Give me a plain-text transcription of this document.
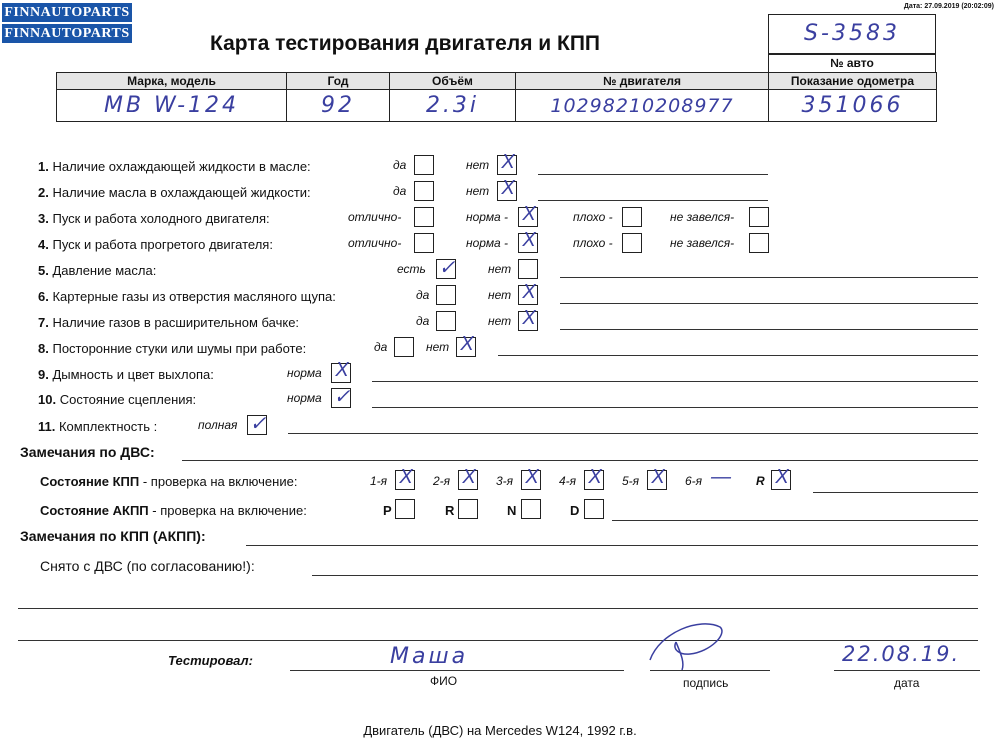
FINNAUTOPARTS
FINNAUTOPARTS
Дата: 27.09.2019 (20:02:09)
Карта тестирования двигателя и КПП	S-3583
№ авто
Марка, модель	Год	Объём	№ двигателя	Показание одометра
МВ W-124	92	2.3i	10298210208977	351066
1. Наличие охлаждающей жидкости в масле:	да	нет X
2. Наличие масла в охлаждающей жидкости:	да	нет X
3. Пуск и работа холодного двигателя:	отлично-	норма - X	плохо -	не завелся-
4. Пуск и работа прогретого двигателя:	отлично-	норма - X	плохо -	не завелся-
5. Давление масла:	есть ✓	нет
6. Картерные газы из отверстия масляного щупа:	да	нет X
7. Наличие газов в расширительном бачке:	да	нет X
8. Посторонние стуки или шумы при работе:	да	нет X
9. Дымность и цвет выхлопа:	норма X
10. Состояние сцепления:	норма ✓
11. Комплектность :	полная ✓
Замечания по ДВС:
Состояние КПП - проверка на включение:	1-я X 2-я X 3-я X 4-я X 5-я X 6-я — R X
Состояние АКПП - проверка на включение:	P	R	N	D
Замечания по КПП (АКПП):
Снято с ДВС (по согласованию!):
Тестировал:	Маша
ФИО	подпись
22.08.19.
дата
Двигатель (ДВС) на Mercedes W124, 1992 г.в.
